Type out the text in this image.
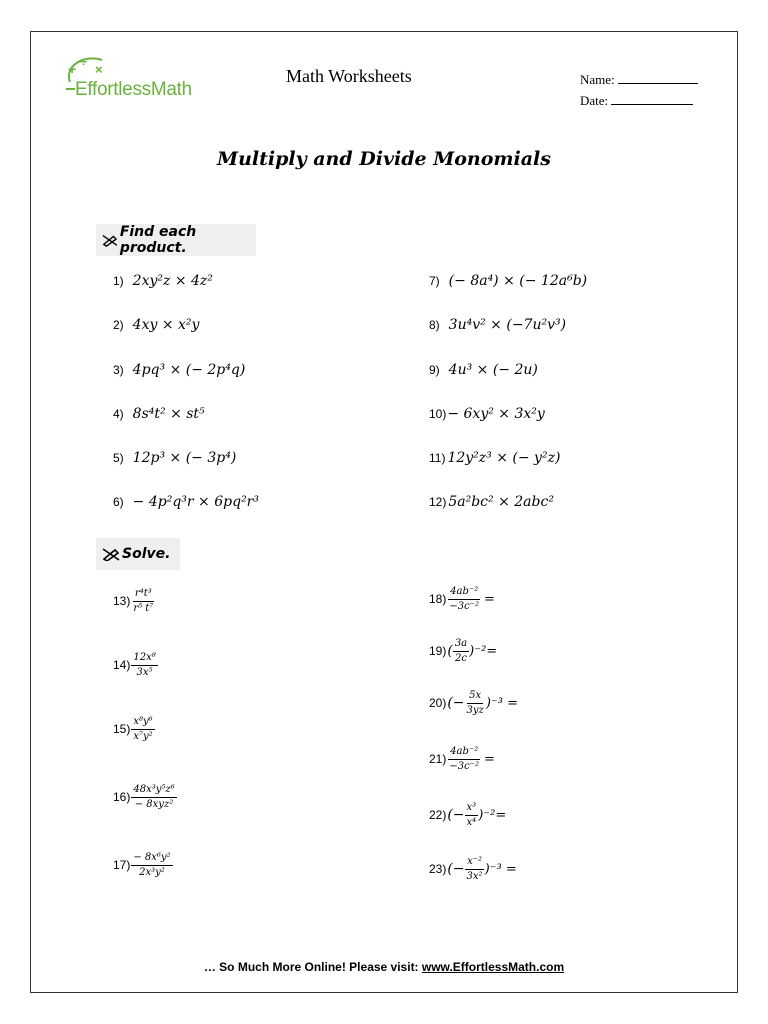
+ ÷
×
EffortlessMath
Math Worksheets	Name:
Date:
Multiply and Divide Monomials
Find each product.
1) 2xy²z × 4z²
2) 4xy × x²y
3) 4pq³ × (− 2p⁴q)
4) 8s⁴t² × st⁵
5) 12p³ × (− 3p⁴)
6) − 4p²q³r × 6pq²r³
7) (− 8a⁴) × (− 12a⁶b)
8) 3u⁴v² × (−7u²v³)
9) 4u³ × (− 2u)
10) − 6xy² × 3x²y
11) 12y²z³ × (− y²z)
12) 5a²bc² × 2abc²
Solve.
$13) \frac{\text{r⁴t³}}{\text{r⁵ t⁷}}$
$14) \frac{\text{12x⁸}}{\text{3x⁵}}$
$15) \frac{\text{x⁸y⁶}}{\text{x⁷y²}}$
$16) \frac{\text{48x³y⁵z⁶}}{\text{− 8xyz²}}$
$17) \frac{\text{− 8x⁶y²}}{\text{2x³y²}}$
$18) \frac{\text{4ab⁻²}}{\text{−3c⁻²}}$ =
19) ( $\frac{3a}{2c} )^{-2}=$
20) (− $\frac{5x}{3yz} )^{-3}$ =
$21) \frac{\text{4ab⁻²}}{\text{−3c⁻²}}$ =
22) (− $\frac{\text{x³}}{\text{x⁴}} )^{-2}=$
23) (− $\frac{\text{x⁻²}}{\text{3x²}} )^{-3}$ =
… So Much More Online! Please visit: www.EffortlessMath.com
